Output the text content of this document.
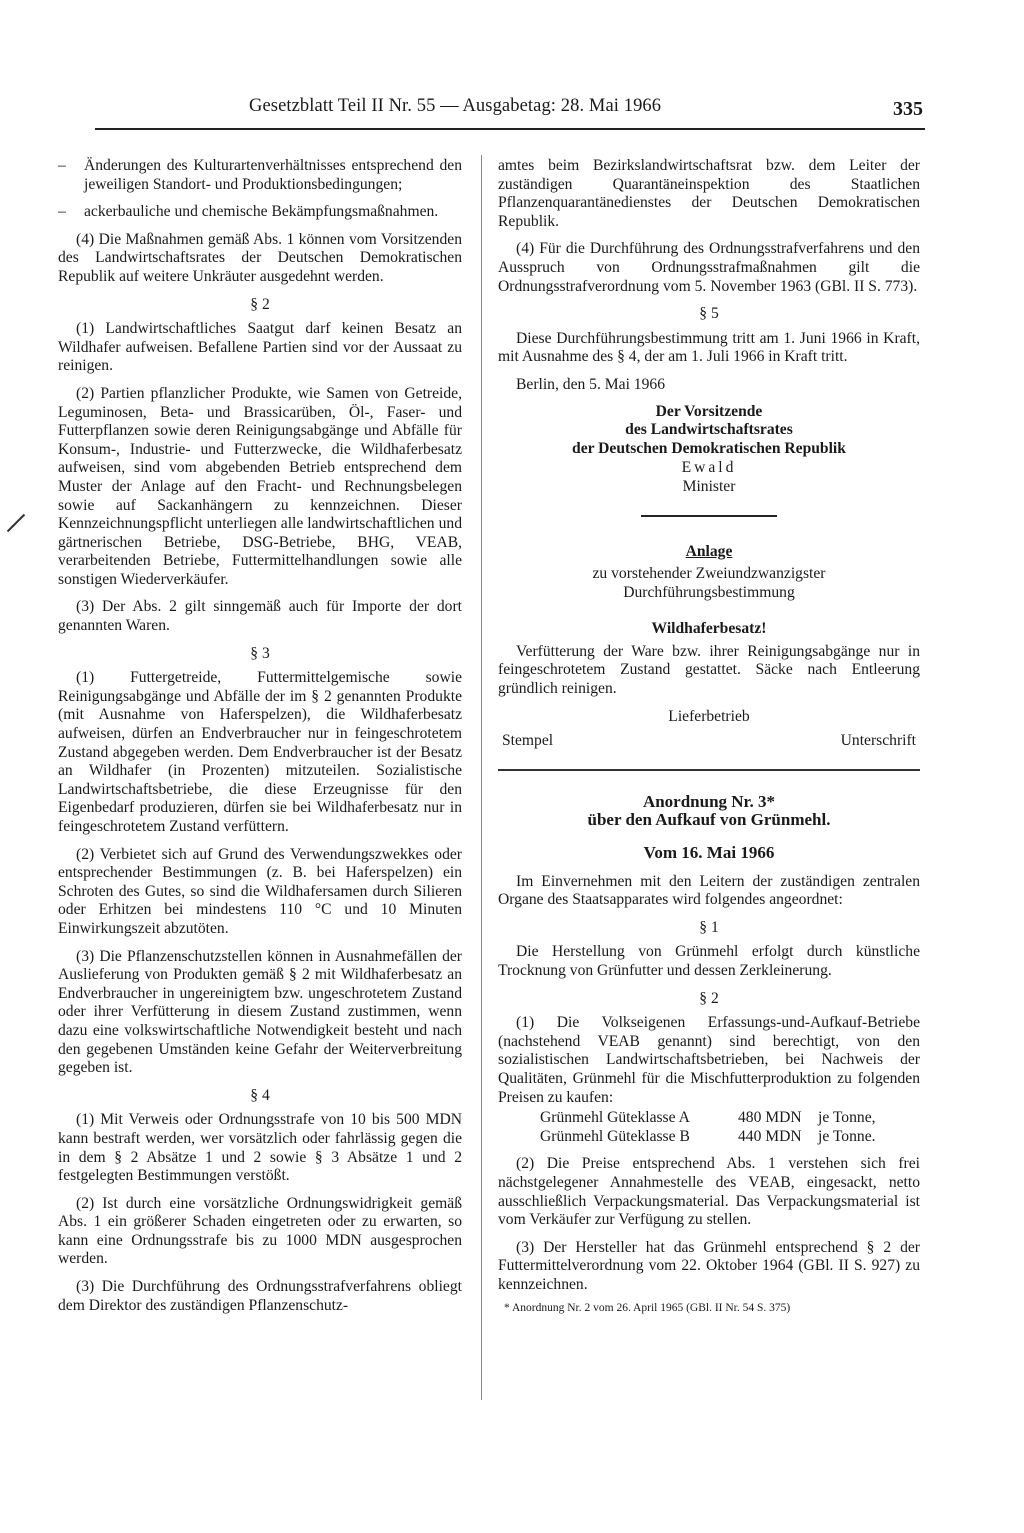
Gesetzblatt Teil II Nr. 55 — Ausgabetag: 28. Mai 1966	335

– Änderungen des Kulturartenverhältnisses entsprechend den jeweiligen Standort- und Produktionsbedingungen;

– ackerbauliche und chemische Bekämpfungsmaßnahmen.

(4) Die Maßnahmen gemäß Abs. 1 können vom Vorsitzenden des Landwirtschaftsrates der Deutschen Demokratischen Republik auf weitere Unkräuter ausgedehnt werden.

§ 2

(1) Landwirtschaftliches Saatgut darf keinen Besatz an Wildhafer aufweisen. Befallene Partien sind vor der Aussaat zu reinigen.

(2) Partien pflanzlicher Produkte, wie Samen von Getreide, Leguminosen, Beta- und Brassicarüben, Öl-, Faser- und Futterpflanzen sowie deren Reinigungsabgänge und Abfälle für Konsum-, Industrie- und Futterzwecke, die Wildhaferbesatz aufweisen, sind vom abgebenden Betrieb entsprechend dem Muster der Anlage auf den Fracht- und Rechnungsbelegen sowie auf Sackanhängern zu kennzeichnen. Dieser Kennzeichnungspflicht unterliegen alle landwirtschaftlichen und gärtnerischen Betriebe, DSG-Betriebe, BHG, VEAB, verarbeitenden Betriebe, Futtermittelhandlungen sowie alle sonstigen Wiederverkäufer.

(3) Der Abs. 2 gilt sinngemäß auch für Importe der dort genannten Waren.

§ 3

(1) Futtergetreide, Futtermittelgemische sowie Reinigungsabgänge und Abfälle der im § 2 genannten Produkte (mit Ausnahme von Haferspelzen), die Wildhaferbesatz aufweisen, dürfen an Endverbraucher nur in feingeschrotetem Zustand abgegeben werden. Dem Endverbraucher ist der Besatz an Wildhafer (in Prozenten) mitzuteilen. Sozialistische Landwirtschaftsbetriebe, die diese Erzeugnisse für den Eigenbedarf produzieren, dürfen sie bei Wildhaferbesatz nur in feingeschrotetem Zustand verfüttern.

(2) Verbietet sich auf Grund des Verwendungszwekkes oder entsprechender Bestimmungen (z. B. bei Haferspelzen) ein Schroten des Gutes, so sind die Wildhafersamen durch Silieren oder Erhitzen bei mindestens 110 °C und 10 Minuten Einwirkungszeit abzutöten.

(3) Die Pflanzenschutzstellen können in Ausnahmefällen der Auslieferung von Produkten gemäß § 2 mit Wildhaferbesatz an Endverbraucher in ungereinigtem bzw. ungeschrotetem Zustand oder ihrer Verfütterung in diesem Zustand zustimmen, wenn dazu eine volkswirtschaftliche Notwendigkeit besteht und nach den gegebenen Umständen keine Gefahr der Weiterverbreitung gegeben ist.

§ 4

(1) Mit Verweis oder Ordnungsstrafe von 10 bis 500 MDN kann bestraft werden, wer vorsätzlich oder fahrlässig gegen die in dem § 2 Absätze 1 und 2 sowie § 3 Absätze 1 und 2 festgelegten Bestimmungen verstößt.

(2) Ist durch eine vorsätzliche Ordnungswidrigkeit gemäß Abs. 1 ein größerer Schaden eingetreten oder zu erwarten, so kann eine Ordnungsstrafe bis zu 1000 MDN ausgesprochen werden.

(3) Die Durchführung des Ordnungsstrafverfahrens obliegt dem Direktor des zuständigen Pflanzenschutz-

amtes beim Bezirkslandwirtschaftsrat bzw. dem Leiter der zuständigen Quarantäneinspektion des Staatlichen Pflanzenquarantänedienstes der Deutschen Demokratischen Republik.

(4) Für die Durchführung des Ordnungsstrafverfahrens und den Ausspruch von Ordnungsstrafmaßnahmen gilt die Ordnungsstrafverordnung vom 5. November 1963 (GBl. II S. 773).

§ 5

Diese Durchführungsbestimmung tritt am 1. Juni 1966 in Kraft, mit Ausnahme des § 4, der am 1. Juli 1966 in Kraft tritt.

Berlin, den 5. Mai 1966

Der Vorsitzende
des Landwirtschaftsrates
der Deutschen Demokratischen Republik
Ewald
Minister

Anlage

zu vorstehender Zweiundzwanzigster
Durchführungsbestimmung

Wildhaferbesatz!

Verfütterung der Ware bzw. ihrer Reinigungsabgänge nur in feingeschrotetem Zustand gestattet. Säcke nach Entleerung gründlich reinigen.

Lieferbetrieb

Stempel	Unterschrift
Anordnung Nr. 3*
über den Aufkauf von Grünmehl.

Vom 16. Mai 1966

Im Einvernehmen mit den Leitern der zuständigen zentralen Organe des Staatsapparates wird folgendes angeordnet:

§ 1

Die Herstellung von Grünmehl erfolgt durch künstliche Trocknung von Grünfutter und dessen Zerkleinerung.

§ 2

(1) Die Volkseigenen Erfassungs-und-Aufkauf-Betriebe (nachstehend VEAB genannt) sind berechtigt, von den sozialistischen Landwirtschaftsbetrieben, bei Nachweis der Qualitäten, Grünmehl für die Mischfutterproduktion zu folgenden Preisen zu kaufen:

Grünmehl Güteklasse A	480 MDN	je Tonne,
Grünmehl Güteklasse B	440 MDN	je Tonne.

(2) Die Preise entsprechend Abs. 1 verstehen sich frei nächstgelegener Annahmestelle des VEAB, eingesackt, netto ausschließlich Verpackungsmaterial. Das Verpackungsmaterial ist vom Verkäufer zur Verfügung zu stellen.

(3) Der Hersteller hat das Grünmehl entsprechend § 2 der Futtermittelverordnung vom 22. Oktober 1964 (GBl. II S. 927) zu kennzeichnen.

* Anordnung Nr. 2 vom 26. April 1965 (GBl. II Nr. 54 S. 375)
